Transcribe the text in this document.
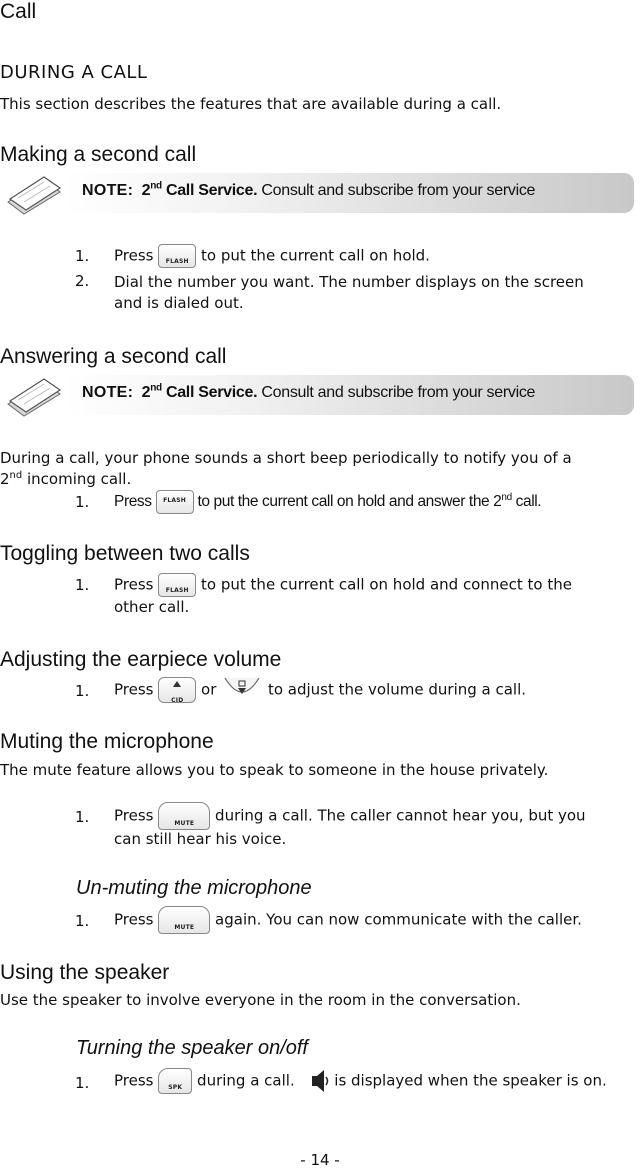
Call
DURING A CALL
This section describes the features that are available during a call.
Making a second call
NOTE: 2nd Call Service. Consult and subscribe from your service
1. Press	FLASH to put the current call on hold.
2. Dial the number you want. The number displays on the screen
and is dialed out.
Answering a second call
NOTE: 2nd Call Service. Consult and subscribe from your service
During a call, your phone sounds a short beep periodically to notify you of a
2nd incoming call.
1. Press	FLASH to put the current call on hold and answer the 2nd call.
Toggling between two calls
1. Press	FLASH to put the current call on hold and connect to the
other call.
Adjusting the earpiece volume
1. Press
CID
or	to adjust the volume during a call.
Muting the microphone
The mute feature allows you to speak to someone in the house privately.
1. Press	MUTE	during a call. The caller cannot hear you, but you
can still hear his voice.
Un-muting the microphone
1. Press	MUTE	again. You can now communicate with the caller.
Using the speaker
Use the speaker to involve everyone in the room in the conversation.
Turning the speaker on/off
1. Press	SPK during a call.	is displayed when the speaker is on.
- 14 -
